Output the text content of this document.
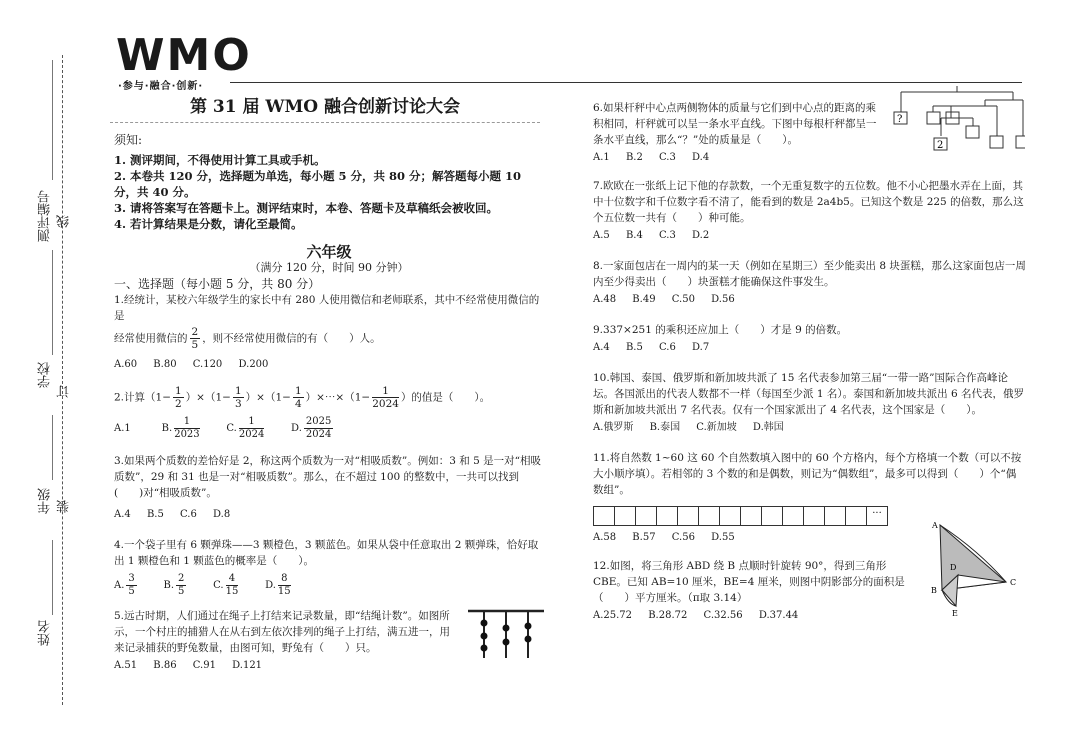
测评编号 线
学校
订
年级 装
姓名
WMO
·参与·融合·创新·
第 31 届 WMO 融合创新讨论大会
须知:
1. 测评期间，不得使用计算工具或手机。
2. 本卷共 120 分，选择题为单选，每小题 5 分，共 80 分；解答题每小题 10 分，共 40 分。
3. 请将答案写在答题卡上。测评结束时，本卷、答题卡及草稿纸会被收回。
4. 若计算结果是分数，请化至最简。
六年级
（满分 120 分，时间 90 分钟）
一、选择题（每小题 5 分，共 80 分）
1.经统计，某校六年级学生的家长中有 280 人使用微信和老师联系，其中不经常使用微信的是
经常使用微信的 $\frac{2}{5}$ ，则不经常使用微信的有（　　）人。
A.60　 B.80　 C.120　 D.200
2.计算$(1- \frac{1}{2} )\times(1- \frac{1}{3} )\times(1- \frac{1}{4}$ ）×⋯×（1− $\frac{1}{2024}$ ）的值是（　　）。
A.1	B. $\frac{1}{2023}$	C. $\frac{1}{2024}$	D. $\frac{2025}{2024}$
3.如果两个质数的差恰好是 2，称这两个质数为一对“相吸质数”。例如：3 和 5 是一对“相吸质数”，29 和 31 也是一对“相吸质数”。那么，在不超过 100 的整数中，一共可以找到(　　)对“相吸质数”。
A.4　 B.5　 C.6　 D.8
4.一个袋子里有 6 颗弹珠——3 颗橙色，3 颗蓝色。如果从袋中任意取出 2 颗弹珠，恰好取出 1 颗橙色和 1 颗蓝色的概率是（　　）。
A. $\frac{3}{5}$	B. $\frac{2}{5}$	C. $\frac{4}{15}$	D. $\frac{8}{15}$
5.远古时期，人们通过在绳子上打结来记录数量，即“结绳计数”。如图所示，一个村庄的捕猎人在从右到左依次排列的绳子上打结，满五进一，用来记录捕获的野兔数量，由图可知，野兔有（　　）只。
A.51　 B.86　 C.91　 D.121
6.如果杆秤中心点两侧物体的质量与它们到中心点的距离的乘积相同，杆秤就可以呈一条水平直线。下图中每根杆秤都呈一条水平直线，那么“？”处的质量是（　　）。
A.1　 B.2　 C.3　 D.4
?
2
7.欧欧在一张纸上记下他的存款数，一个无重复数字的五位数。他不小心把墨水弄在上面，其中十位数字和千位数字看不清了，能看到的数是 2a4b5。已知这个数是 225 的倍数，那么这个五位数一共有（　　）种可能。
A.5　 B.4　 C.3　 D.2
8.一家面包店在一周内的某一天（例如在星期三）至少能卖出 8 块蛋糕，那么这家面包店一周内至少得卖出（　　）块蛋糕才能确保这件事发生。
A.48　 B.49　 C.50　 D.56
9.337×251 的乘积还应加上（　　）才是 9 的倍数。
A.4　 B.5　 C.6　 D.7
10.韩国、泰国、俄罗斯和新加坡共派了 15 名代表参加第三届“一带一路”国际合作高峰论坛。各国派出的代表人数都不一样（每国至少派 1 名）。泰国和新加坡共派出 6 名代表，俄罗斯和新加坡共派出 7 名代表。仅有一个国家派出了 4 名代表，这个国家是（　　）。
A.俄罗斯　 B.泰国　 C.新加坡　 D.韩国
11.将自然数 1~60 这 60 个自然数填入图中的 60 个方格内，每个方格填一个数（可以不按大小顺序填）。若相邻的 3 个数的和是偶数，则记为“偶数组”，最多可以得到（　　）个“偶数组”。
···
A.58　 B.57　 C.56　 D.55
12.如图，将三角形 ABD 绕 B 点顺时针旋转 90°，得到三角形 CBE。已知 AB=10 厘米，BE=4 厘米，则图中阴影部分的面积是（　　）平方厘米。（π取 3.14）
A.25.72　 B.28.72　 C.32.56　 D.37.44
A
B
C
D
E
